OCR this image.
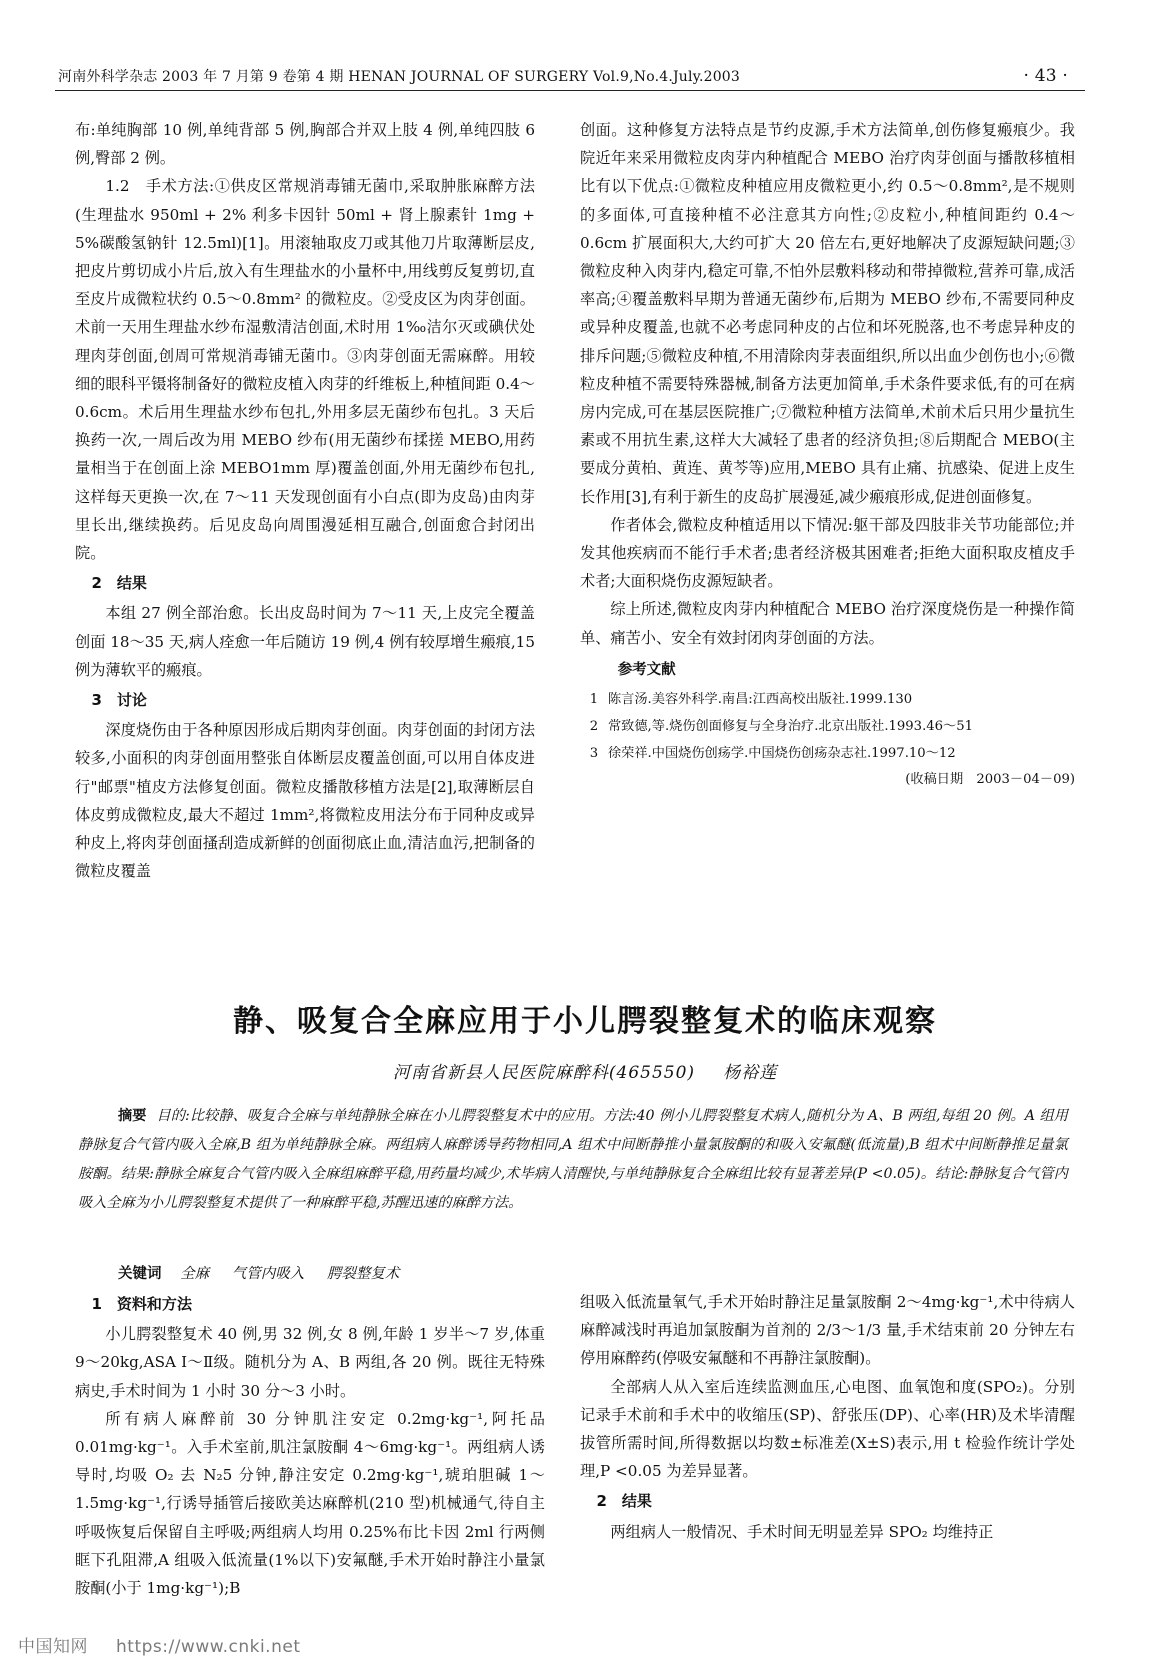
河南外科学杂志 2003 年 7 月第 9 卷第 4 期 HENAN JOURNAL OF SURGERY Vol.9,No.4.July.2003	· 43 ·

布:单纯胸部 10 例,单纯背部 5 例,胸部合并双上肢 4 例,单纯四肢 6 例,臀部 2 例。

1.2　手术方法:①供皮区常规消毒铺无菌巾,采取肿胀麻醉方法(生理盐水 950ml + 2% 利多卡因针 50ml + 肾上腺素针 1mg + 5%碳酸氢钠针 12.5ml)[1]。用滚轴取皮刀或其他刀片取薄断层皮,把皮片剪切成小片后,放入有生理盐水的小量杯中,用线剪反复剪切,直至皮片成微粒状约 0.5～0.8mm² 的微粒皮。②受皮区为肉芽创面。术前一天用生理盐水纱布湿敷清洁创面,术时用 1‰洁尔灭或碘伏处理肉芽创面,创周可常规消毒铺无菌巾。③肉芽创面无需麻醉。用较细的眼科平镊将制备好的微粒皮植入肉芽的纤维板上,种植间距 0.4～0.6cm。术后用生理盐水纱布包扎,外用多层无菌纱布包扎。3 天后换药一次,一周后改为用 MEBO 纱布(用无菌纱布揉搓 MEBO,用药量相当于在创面上涂 MEBO1mm 厚)覆盖创面,外用无菌纱布包扎,这样每天更换一次,在 7～11 天发现创面有小白点(即为皮岛)由肉芽里长出,继续换药。后见皮岛向周围漫延相互融合,创面愈合封闭出院。

2　结果

本组 27 例全部治愈。长出皮岛时间为 7～11 天,上皮完全覆盖创面 18～35 天,病人痊愈一年后随访 19 例,4 例有较厚增生瘢痕,15 例为薄软平的瘢痕。

3　讨论

深度烧伤由于各种原因形成后期肉芽创面。肉芽创面的封闭方法较多,小面积的肉芽创面用整张自体断层皮覆盖创面,可以用自体皮进行"邮票"植皮方法修复创面。微粒皮播散移植方法是[2],取薄断层自体皮剪成微粒皮,最大不超过 1mm²,将微粒皮用法分布于同种皮或异种皮上,将肉芽创面搔刮造成新鲜的创面彻底止血,清洁血污,把制备的微粒皮覆盖

创面。这种修复方法特点是节约皮源,手术方法简单,创伤修复瘢痕少。我院近年来采用微粒皮肉芽内种植配合 MEBO 治疗肉芽创面与播散移植相比有以下优点:①微粒皮种植应用皮微粒更小,约 0.5～0.8mm²,是不规则的多面体,可直接种植不必注意其方向性;②皮粒小,种植间距约 0.4～0.6cm 扩展面积大,大约可扩大 20 倍左右,更好地解决了皮源短缺问题;③微粒皮种入肉芽内,稳定可靠,不怕外层敷料移动和带掉微粒,营养可靠,成活率高;④覆盖敷料早期为普通无菌纱布,后期为 MEBO 纱布,不需要同种皮或异种皮覆盖,也就不必考虑同种皮的占位和坏死脱落,也不考虑异种皮的排斥问题;⑤微粒皮种植,不用清除肉芽表面组织,所以出血少创伤也小;⑥微粒皮种植不需要特殊器械,制备方法更加简单,手术条件要求低,有的可在病房内完成,可在基层医院推广;⑦微粒种植方法简单,术前术后只用少量抗生素或不用抗生素,这样大大减轻了患者的经济负担;⑧后期配合 MEBO(主要成分黄柏、黄连、黄芩等)应用,MEBO 具有止痛、抗感染、促进上皮生长作用[3],有利于新生的皮岛扩展漫延,减少瘢痕形成,促进创面修复。

作者体会,微粒皮种植适用以下情况:躯干部及四肢非关节功能部位;并发其他疾病而不能行手术者;患者经济极其困难者;拒绝大面积取皮植皮手术者;大面积烧伤皮源短缺者。

综上所述,微粒皮肉芽内种植配合 MEBO 治疗深度烧伤是一种操作简单、痛苦小、安全有效封闭肉芽创面的方法。

参考文献

1 陈言汤.美容外科学.南昌:江西高校出版社.1999.130
2 常致德,等.烧伤创面修复与全身治疗.北京出版社.1993.46～51
3 徐荣祥.中国烧伤创疡学.中国烧伤创疡杂志社.1997.10～12

(收稿日期　2003－04－09)

静、吸复合全麻应用于小儿腭裂整复术的临床观察
河南省新县人民医院麻醉科(465550) 杨裕莲

摘要 目的:比较静、吸复合全麻与单纯静脉全麻在小儿腭裂整复术中的应用。方法:40 例小儿腭裂整复术病人,随机分为 A、B 两组,每组 20 例。A 组用静脉复合气管内吸入全麻,B 组为单纯静脉全麻。两组病人麻醉诱导药物相同,A 组术中间断静推小量氯胺酮的和吸入安氟醚(低流量),B 组术中间断静推足量氯胺酮。结果:静脉全麻复合气管内吸入全麻组麻醉平稳,用药量均减少,术毕病人清醒快,与单纯静脉复合全麻组比较有显著差异(P <0.05)。结论:静脉复合气管内吸入全麻为小儿腭裂整复术提供了一种麻醉平稳,苏醒迅速的麻醉方法。

关键词 全麻 气管内吸入 腭裂整复术

1　资料和方法

小儿腭裂整复术 40 例,男 32 例,女 8 例,年龄 1 岁半～7 岁,体重 9～20kg,ASA Ⅰ～Ⅱ级。随机分为 A、B 两组,各 20 例。既往无特殊病史,手术时间为 1 小时 30 分～3 小时。

所有病人麻醉前 30 分钟肌注安定 0.2mg·kg⁻¹,阿托品 0.01mg·kg⁻¹。入手术室前,肌注氯胺酮 4～6mg·kg⁻¹。两组病人诱导时,均吸 O₂ 去 N₂5 分钟,静注安定 0.2mg·kg⁻¹,琥珀胆碱 1～1.5mg·kg⁻¹,行诱导插管后接欧美达麻醉机(210 型)机械通气,待自主呼吸恢复后保留自主呼吸;两组病人均用 0.25%布比卡因 2ml 行两侧眶下孔阻滞,A 组吸入低流量(1%以下)安氟醚,手术开始时静注小量氯胺酮(小于 1mg·kg⁻¹);B

组吸入低流量氧气,手术开始时静注足量氯胺酮 2～4mg·kg⁻¹,术中待病人麻醉减浅时再追加氯胺酮为首剂的 2/3～1/3 量,手术结束前 20 分钟左右停用麻醉药(停吸安氟醚和不再静注氯胺酮)。

全部病人从入室后连续监测血压,心电图、血氧饱和度(SPO₂)。分别记录手术前和手术中的收缩压(SP)、舒张压(DP)、心率(HR)及术毕清醒拔管所需时间,所得数据以均数±标准差(X±S)表示,用 t 检验作统计学处理,P <0.05 为差异显著。

2　结果

两组病人一般情况、手术时间无明显差异 SPO₂ 均维持正

中国知网 https://www.cnki.net
